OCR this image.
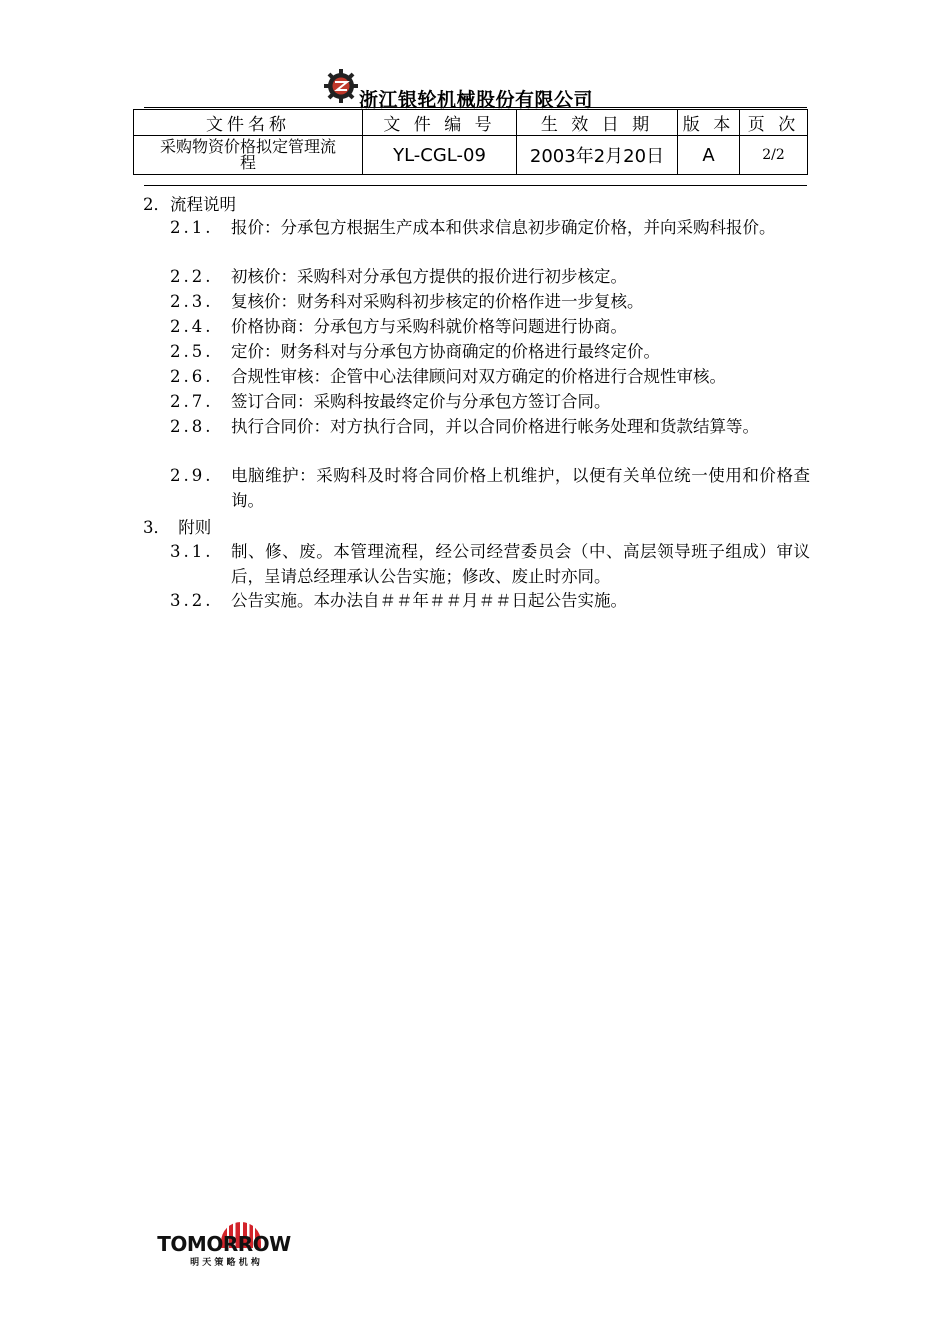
浙江银轮机械股份有限公司
文件名称	文 件 编 号	生 效 日 期	版 本	页 次

采购物资价格拟定管理流
程	YL-CGL-09	2003年2月20日	A	2/2
2．流程说明
2.1.	报价：分承包方根据生产成本和供求信息初步确定价格，并向采购科报价。
2.2.	初核价：采购科对分承包方提供的报价进行初步核定。
2.3.	复核价：财务科对采购科初步核定的价格作进一步复核。
2.4.	价格协商：分承包方与采购科就价格等问题进行协商。
2.5.	定价：财务科对与分承包方协商确定的价格进行最终定价。
2.6.	合规性审核：企管中心法律顾问对双方确定的价格进行合规性审核。
2.7.	签订合同：采购科按最终定价与分承包方签订合同。
2.8.	执行合同价：对方执行合同，并以合同价格进行帐务处理和货款结算等。
2.9.	电脑维护：采购科及时将合同价格上机维护，以便有关单位统一使用和价格查询。
3．　附则
3.1.	制、修、废。本管理流程，经公司经营委员会（中、高层领导班子组成）审议后，呈请总经理承认公告实施；修改、废止时亦同。
3.2.	公告实施。本办法自＃＃年＃＃月＃＃日起公告实施。
TOMORROW
明 天 策 略 机 构
